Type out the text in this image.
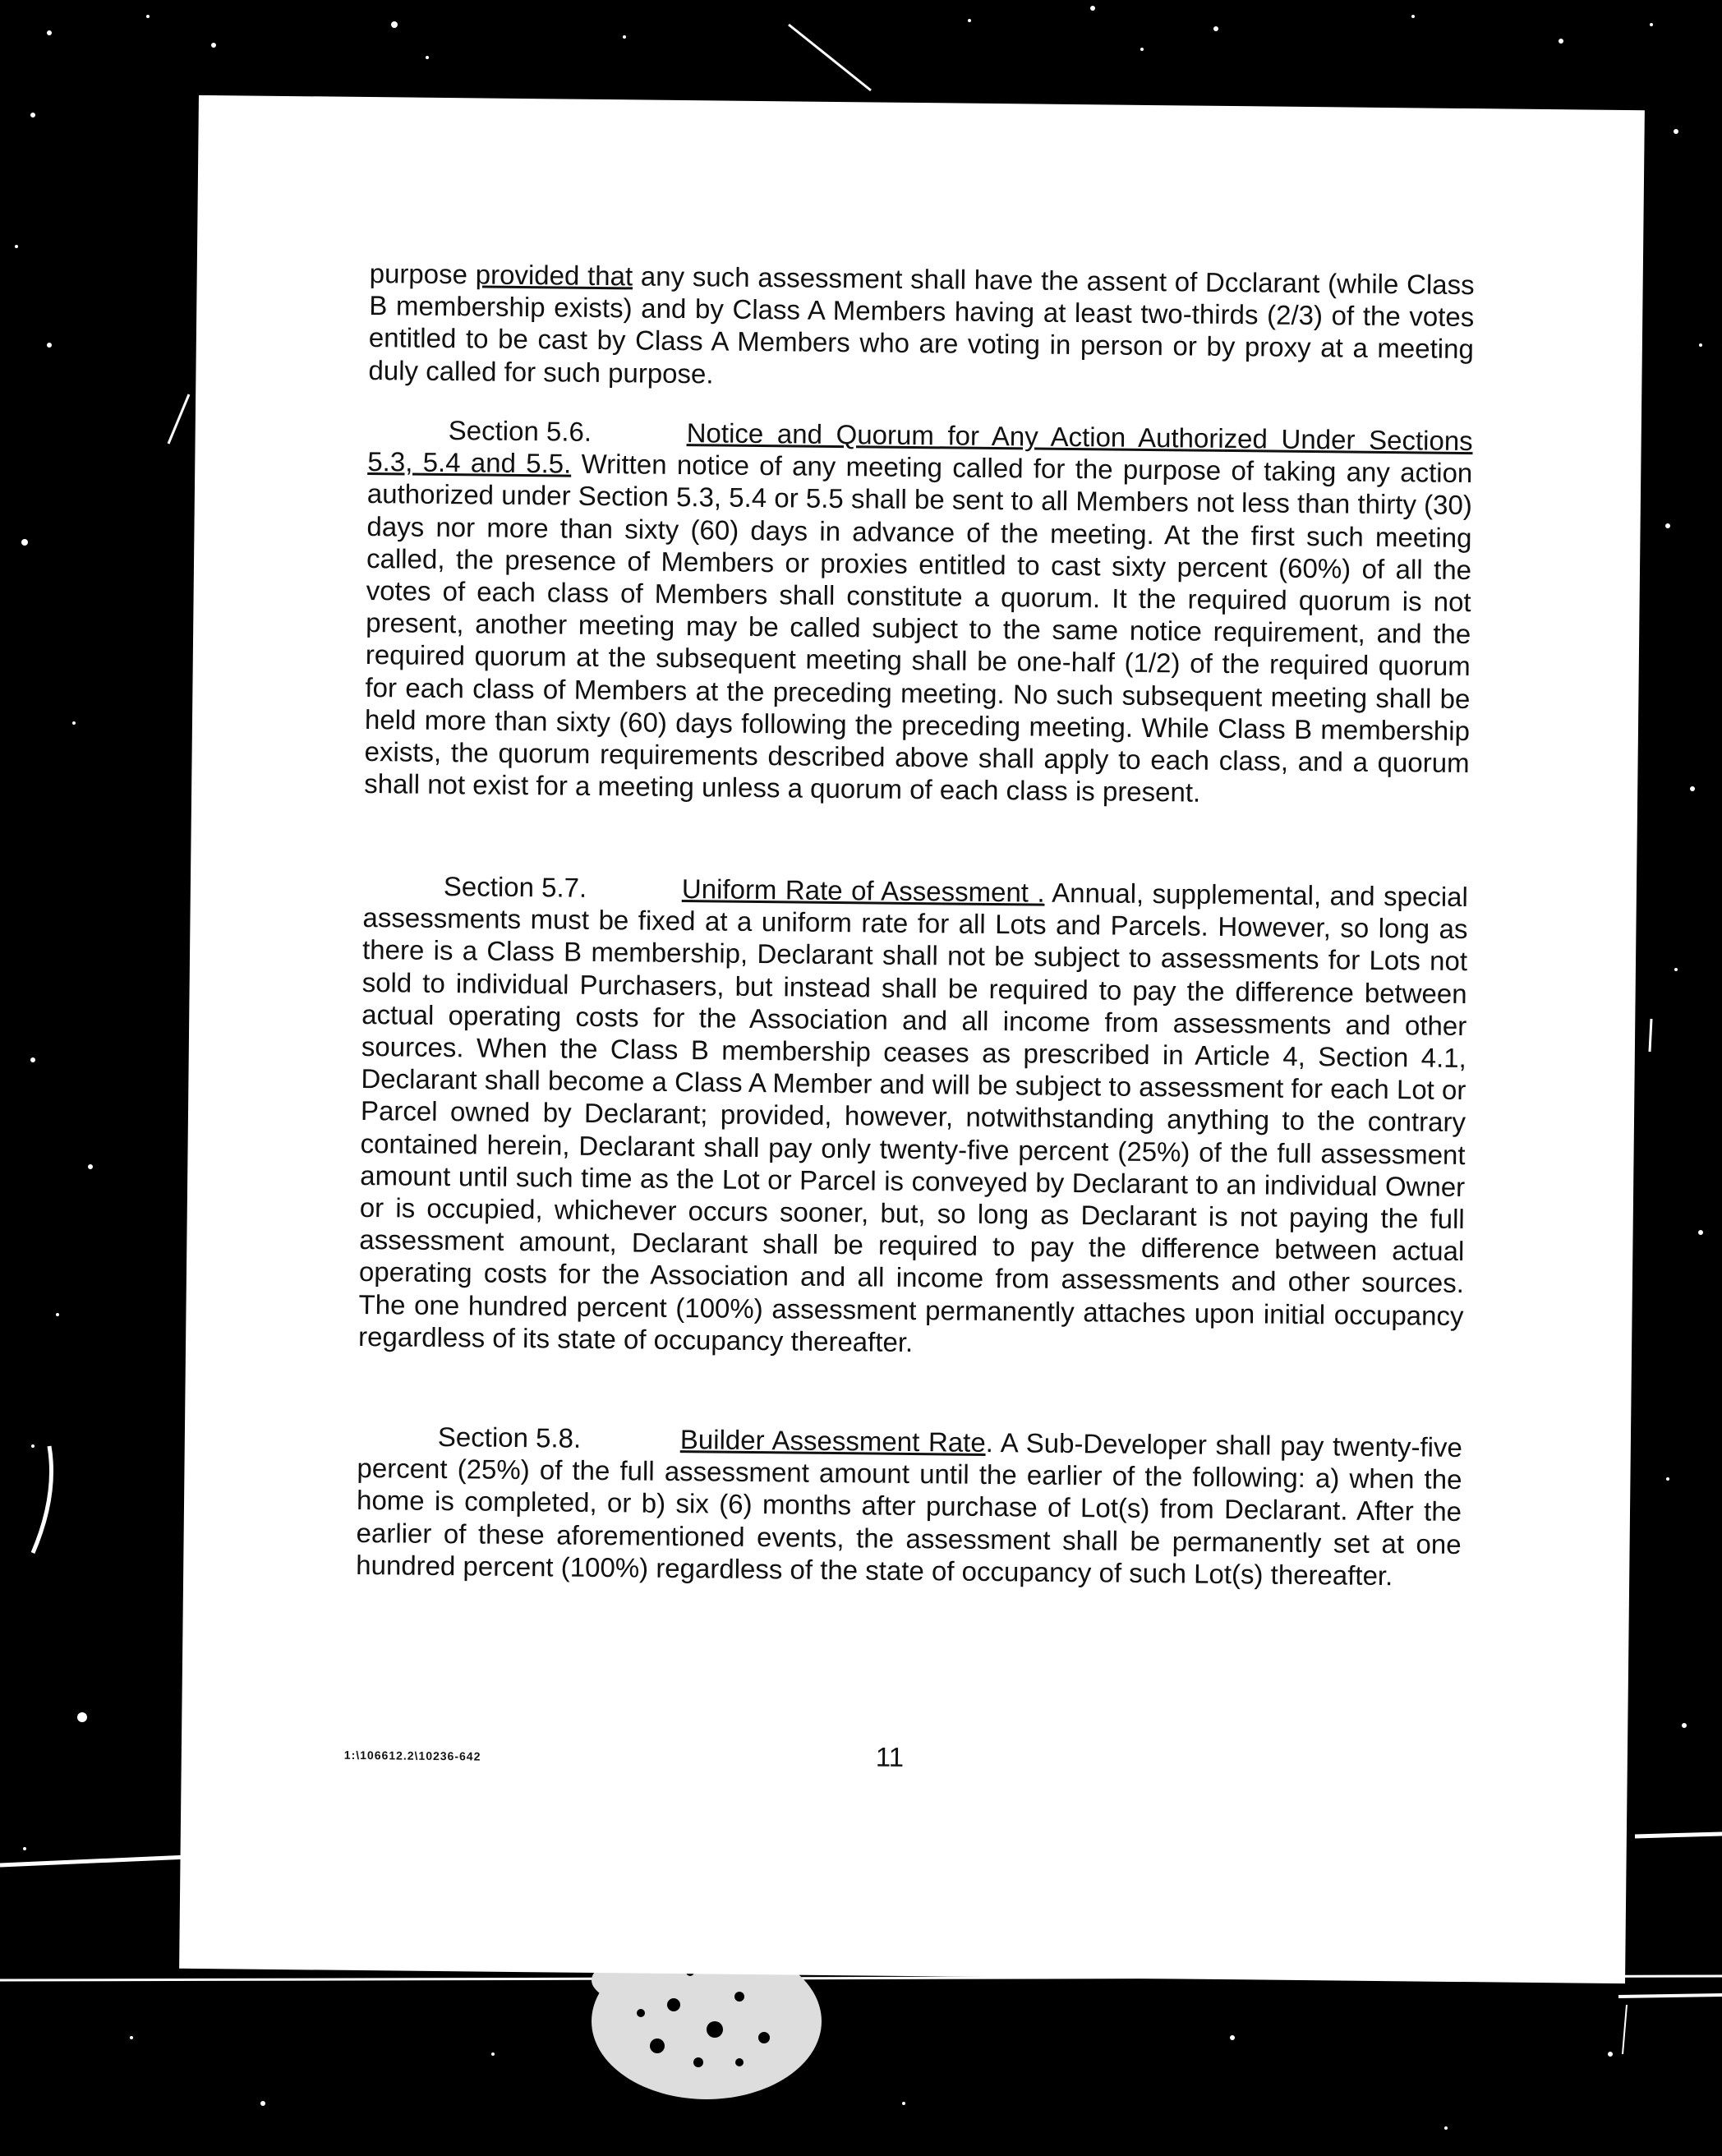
purpose provided that any such assessment shall have the assent of Dcclarant (while Class B membership exists) and by Class A Members having at least two-thirds (2/3) of the votes entitled to be cast by Class A Members who are voting in person or by proxy at a meeting duly called for such purpose.
Section 5.6.	Notice and Quorum for Any Action Authorized Under Sections 5.3, 5.4 and 5.5. Written notice of any meeting called for the purpose of taking any action authorized under Section 5.3, 5.4 or 5.5 shall be sent to all Members not less than thirty (30) days nor more than sixty (60) days in advance of the meeting. At the first such meeting called, the presence of Members or proxies entitled to cast sixty percent (60%) of all the votes of each class of Members shall constitute a quorum. It the required quorum is not present, another meeting may be called subject to the same notice requirement, and the required quorum at the subsequent meeting shall be one-half (1/2) of the required quorum for each class of Members at the preceding meeting. No such subsequent meeting shall be held more than sixty (60) days following the preceding meeting. While Class B membership exists, the quorum requirements described above shall apply to each class, and a quorum shall not exist for a meeting unless a quorum of each class is present.
Section 5.7.	Uniform Rate of Assessment . Annual, supplemental, and special assessments must be fixed at a uniform rate for all Lots and Parcels. However, so long as there is a Class B membership, Declarant shall not be subject to assessments for Lots not sold to individual Purchasers, but instead shall be required to pay the difference between actual operating costs for the Association and all income from assessments and other sources. When the Class B membership ceases as prescribed in Article 4, Section 4.1, Declarant shall become a Class A Member and will be subject to assessment for each Lot or Parcel owned by Declarant; provided, however, notwithstanding anything to the contrary contained herein, Declarant shall pay only twenty-five percent (25%) of the full assessment amount until such time as the Lot or Parcel is conveyed by Declarant to an individual Owner or is occupied, whichever occurs sooner, but, so long as Declarant is not paying the full assessment amount, Declarant shall be required to pay the difference between actual operating costs for the Association and all income from assessments and other sources. The one hundred percent (100%) assessment permanently attaches upon initial occupancy regardless of its state of occupancy thereafter.
Section 5.8.	Builder Assessment Rate. A Sub-Developer shall pay twenty-five percent (25%) of the full assessment amount until the earlier of the following: a) when the home is completed, or b) six (6) months after purchase of Lot(s) from Declarant. After the earlier of these aforementioned events, the assessment shall be permanently set at one hundred percent (100%) regardless of the state of occupancy of such Lot(s) thereafter.
1:\106612.2\10236-642	11
